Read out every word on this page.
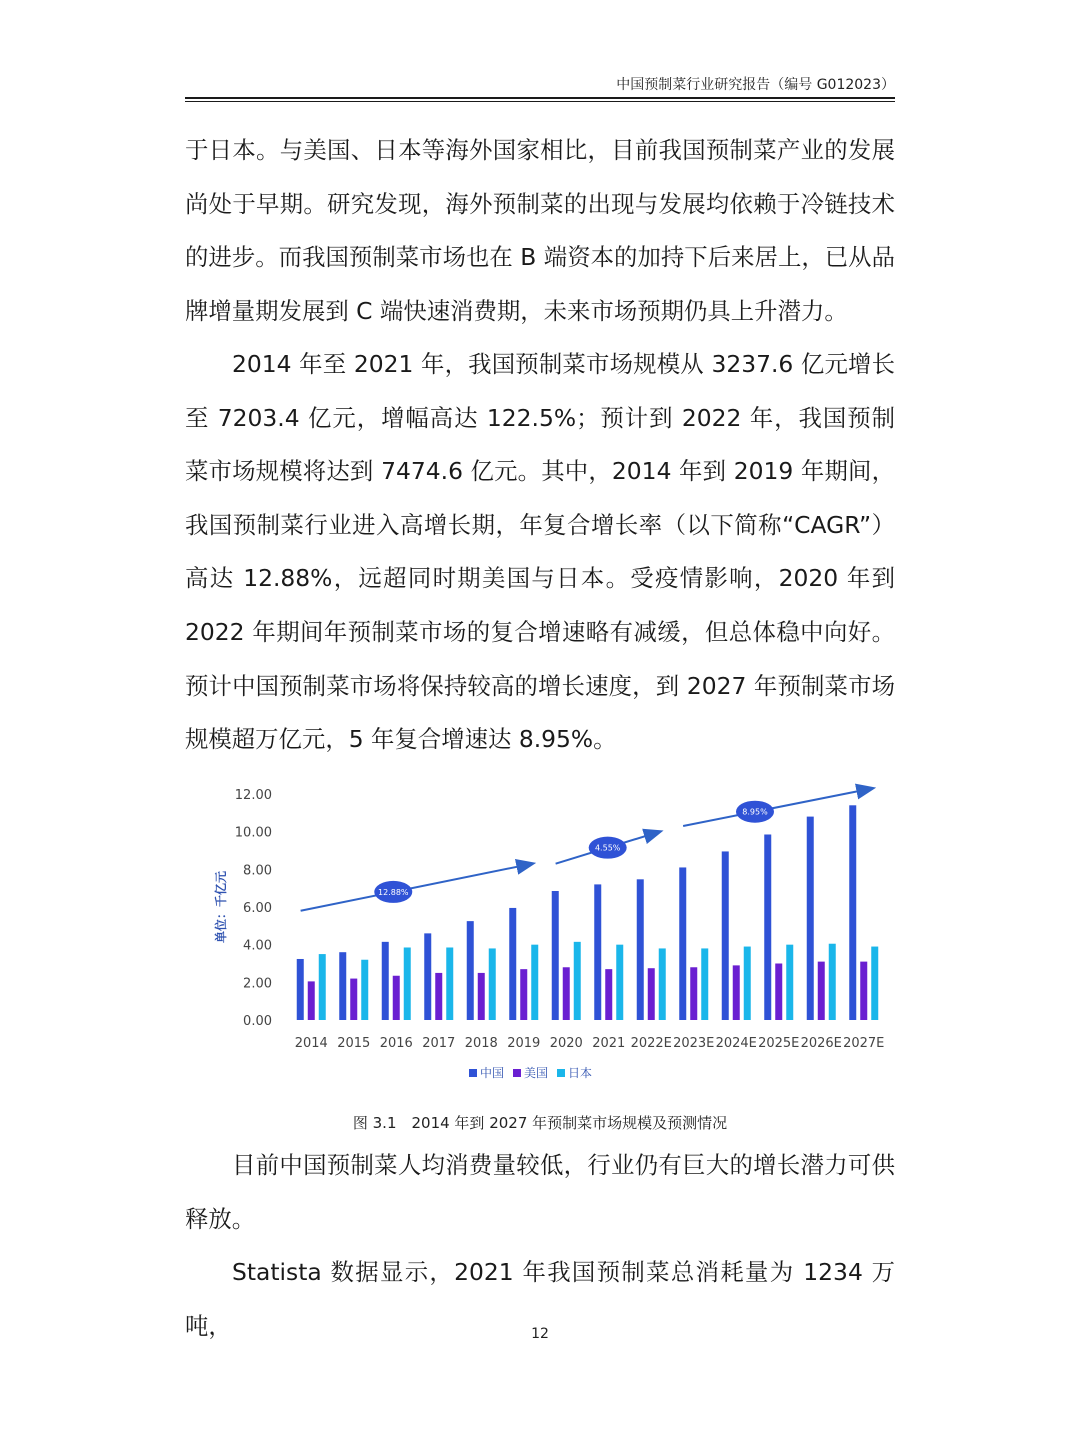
中国预制菜行业研究报告（编号 G012023）

于日本。与美国、日本等海外国家相比，目前我国预制菜产业的发展尚处于早期。研究发现，海外预制菜的出现与发展均依赖于冷链技术的进步。而我国预制菜市场也在 B 端资本的加持下后来居上，已从品牌增量期发展到 C 端快速消费期，未来市场预期仍具上升潜力。

2014 年至 2021 年，我国预制菜市场规模从 3237.6 亿元增长至 7203.4 亿元，增幅高达 122.5%；预计到 2022 年，我国预制菜市场规模将达到 7474.6 亿元。其中，2014 年到 2019 年期间，我国预制菜行业进入高增长期，年复合增长率（以下简称“CAGR”）高达 12.88%，远超同时期美国与日本。受疫情影响，2020 年到 2022 年期间年预制菜市场的复合增速略有减缓，但总体稳中向好。预计中国预制菜市场将保持较高的增长速度，到 2027 年预制菜市场规模超万亿元，5 年复合增速达 8.95%。

单位：千亿元
0.00
2.00
4.00
6.00
8.00
10.00
12.00
2014 2015 2016 2017 2018 2019 2020 2021 2022E 2023E 2024E 2025E 2026E 2027E
12.88%
4.55%
8.95%
中国 美国 日本
图 3.1　2014 年到 2027 年预制菜市场规模及预测情况

目前中国预制菜人均消费量较低，行业仍有巨大的增长潜力可供释放。

Statista 数据显示，2021 年我国预制菜总消耗量为 1234 万吨，	12
